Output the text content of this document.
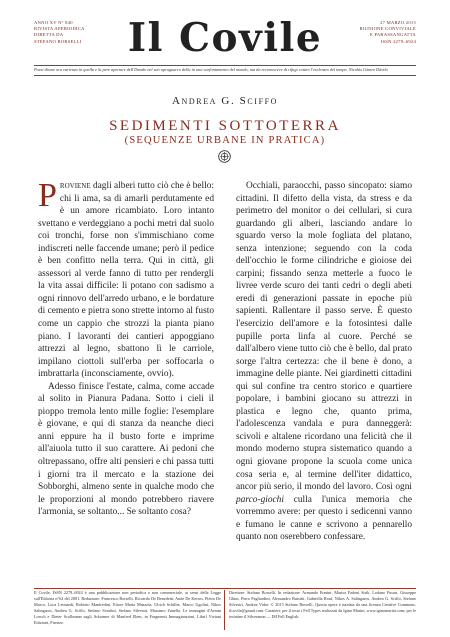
ANNO XV N° 840
RIVISTA APERIODICA
DIRETTA DA
STEFANO BORSELLI	Il Covile	27 MARZO 2015
RIUNIONE CONVIVIALE
E PARASSANGATTA
ISSN 2279–6924
Poesi dismo ora varienzo in quella e la pere aperture dell'Ilmodo nel suo apraguarco della in una varfontamento del mondo, ma da reconosceve di rifugi contro l'esclenzio del tempo. Nicolás Gómez Dávila
Andrea G. Sciffo
SEDIMENTI SOTTOTERRA
(SEQUENZE URBANE IN PRATICA)

Proviene dagli alberi tutto ciò che è bello: chi li ama, sa di amarli perdutamente ed è un amore ricambiato. Loro intanto svettano e verdeggiano a pochi metri dal suolo coi tronchi, forse non s'immischiano come indiscreti nelle faccende umane; però il pedice è ben confitto nella terra. Qui in città, gli assessori al verde fanno di tutto per rendergli la vita assai difficile: li potano con sadismo a ogni rinnovo dell'arredo urbano, e le bordature di cemento e pietra sono strette intorno al fusto come un cappio che strozzi la pianta piano piano. I lavoranti dei cantieri appoggiano attrezzi al legno, sbattono lì le carriole, impilano ciottoli sull'erba per soffocarla o imbrattarla (inconsciamente, ovvio).

Adesso finisce l'estate, calma, come accade al solito in Pianura Padana. Sotto i cieli il pioppo tremola lento mille foglie: l'esemplare è giovane, e qui di stanza da neanche dieci anni eppure ha il busto forte e imprime all'aiuola tutto il suo carattere. Ai pedoni che oltrepassano, offre alti pensieri e chi passa tutti i giorni tra il mercato e la stazione dei Sobborghi, almeno sente in qualche modo che le proporzioni al mondo potrebbero riavere l'armonia, se soltanto... Se soltanto cosa?

Occhiali, paraocchi, passo sincopato: siamo cittadini. Il difetto della vista, da stress e da perimetro del monitor o dei cellulari, si cura guardando gli alberi, lasciando andare lo sguardo verso la mole fogliata del platano, senza intenzione; seguendo con la coda dell'occhio le forme cilindriche e gioiose dei carpini; fissando senza metterle a fuoco le livree verde scuro dei tanti cedri o degli abeti eredi di generazioni passate in epoche più sapienti. Rallentare il passo serve. È questo l'esercizio dell'amore e la fotosintesi dalle pupille porta linfa al cuore. Perché se dall'albero viene tutto ciò che è bello, dal prato sorge l'altra certezza: che il bene è dono, a immagine delle piante. Nei giardinetti cittadini qui sul confine tra centro storico e quartiere popolare, i bambini giocano su attrezzi in plastica e legno che, quanto prima, l'adolescenza vandala e pura danneggerà: scivoli e altalene ricordano una felicità che il mondo moderno stupra sistematico quando a ogni giovane propone la scuola come unica cosa seria e, al termine dell'iter didattico, ancor più serio, il mondo del lavoro. Così ogni parco-giochi culla l'unica memoria che vorremmo avere: per questo i sedicenni vanno e fumano le canne e scrivono a pennarello quanto non oserebbero confessare.

Il Covile, ISSN 2279–6924 è una pubblicazione non periodica e non commerciale, ai sensi della Legge sull'Editoria n°62 del 2001. Redazione: Francesco Borselli, Riccardo De Benedetti, Aude De Kerros, Pietro De Marco, Luca Leonardi, Roberto Manfredini, Ettore Maria Mazzola, Ulrich Schiller, Marco Ugolini, Nikos Salingaros, Andrea G. Sciffo, Stefano Serafini, Stefano Silvestri, Massimo Zanella. Le immagini d'Armin Lorsch e Dieter Scollmann sugli Arkaimer di Manfred Eben, in Fragmenti Immaginazioni. Librif Viviani Edizioni, Firenze.
Direttore: Stefano Borselli. In redazione: Armando Ermini, Marisa Fadoni Strik, Lodano Fusari, Giuseppe Ghini, Piero Pagliardini, Alessandro Rutsitti, Gabriella Rouf, Nikos A. Salingaros, Andrea G. Sciffo, Stefano Silvestri, Andrea Vidor. © 2015 Stefano Borselli. Questa opera è tutelata da una licenza Creative Commons. ilcovile@gmail.com. Caratteri: per il testo i Fell Types realizzati da Igino Marini, www.iginomarini.com; per le testatine il Silveranon — IM Fell English.
